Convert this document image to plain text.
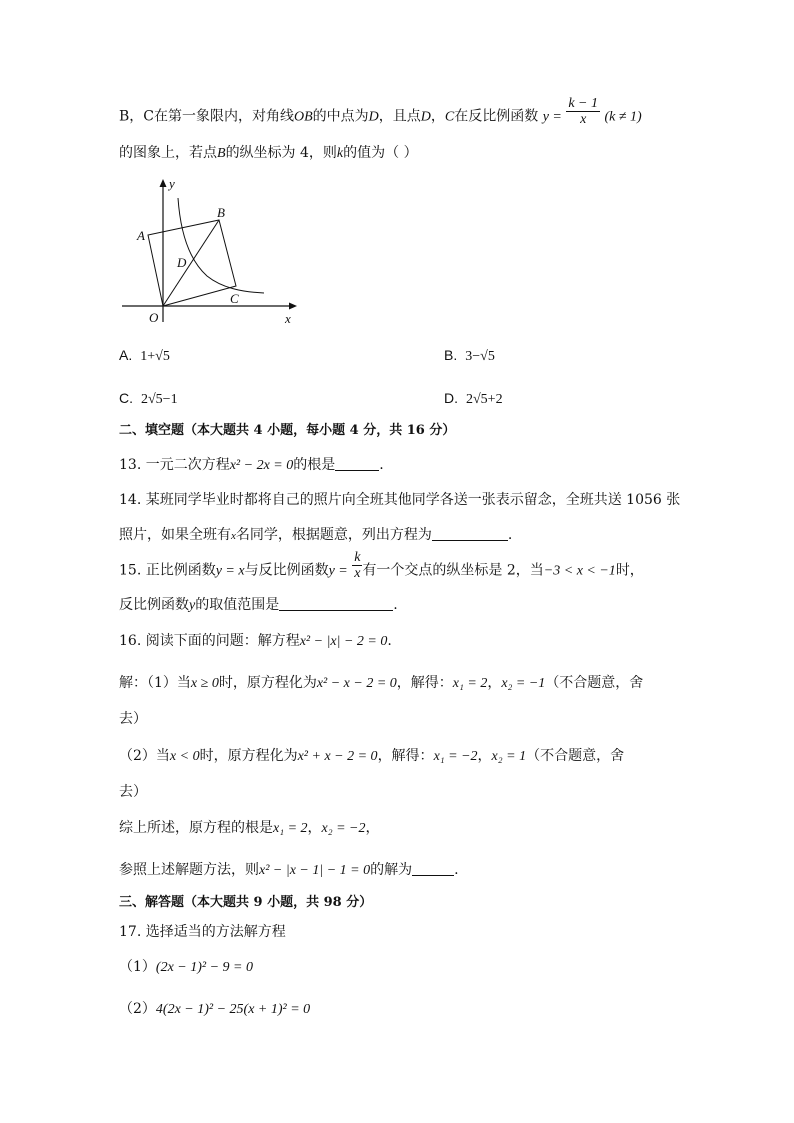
B，C在第一象限内，对角线OB的中点为D，且点D，C在反比例函数 $y = \frac{k - 1}{x} (k \ne 1)$
的图象上，若点B的纵坐标为 4，则k的值为（ ）
y
x
O
A
B
C
D
A. 1+√5	B. 3−√5
C. 2√5−1	D. 2√5+2
二、填空题（本大题共 4 小题，每小题 4 分，共 16 分）
13. 一元二次方程x² − 2x = 0的根是	.
14. 某班同学毕业时都将自己的照片向全班其他同学各送一张表示留念，全班共送 1056 张
照片，如果全班有x名同学，根据题意，列出方程为	.
15. 正比例函数y = x与反比例函数$y = \frac{k}{x}$ 有一个交点的纵坐标是 2，当−3 < x < −1时，
反比例函数y的取值范围是	.
16. 阅读下面的问题：解方程x² − |x| − 2 = 0.
解：（1）当x ≥ 0时，原方程化为x² − x − 2 = 0，解得：x₁ = 2，x₂ = −1（不合题意，舍
去）
（2）当x < 0时，原方程化为x² + x − 2 = 0，解得：x₁ = −2，x₂ = 1（不合题意，舍
去）
综上所述，原方程的根是x₁ = 2，x₂ = −2，
参照上述解题方法，则x² − |x − 1| − 1 = 0的解为	.
三、解答题（本大题共 9 小题，共 98 分）
17. 选择适当的方法解方程
（1）(2x − 1)² − 9 = 0
（2）4(2x − 1)² − 25(x + 1)² = 0
